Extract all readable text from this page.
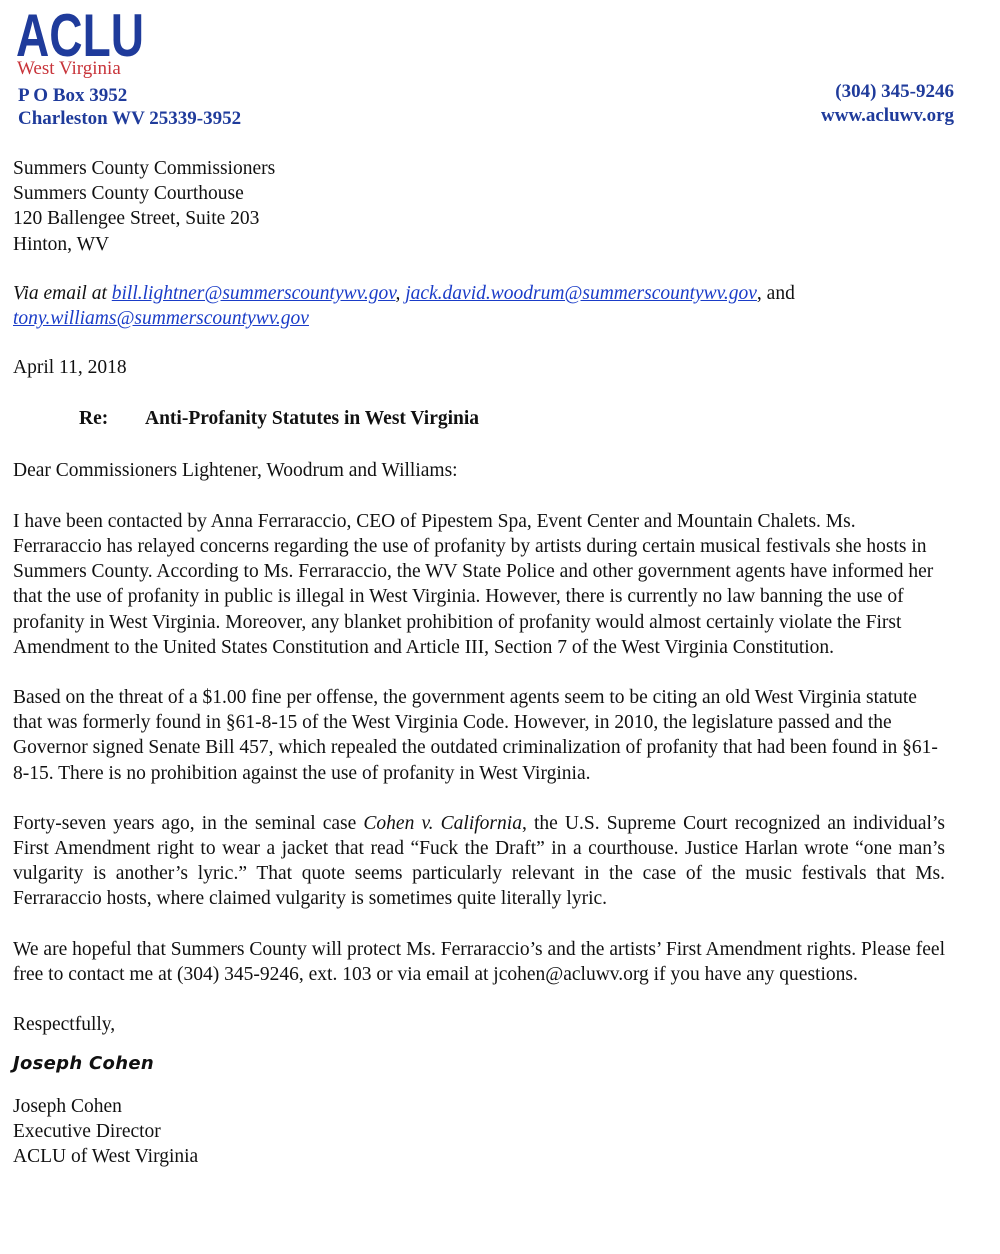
ACLU
West Virginia
P O Box 3952
Charleston WV 25339-3952
(304) 345-9246
www.acluwv.org

Summers County Commissioners
Summers County Courthouse
120 Ballengee Street, Suite 203
Hinton, WV

Via email at bill.lightner@summerscountywv.gov, jack.david.woodrum@summerscountywv.gov, and
tony.williams@summerscountywv.gov

April 11, 2018

Re: Anti-Profanity Statutes in West Virginia

Dear Commissioners Lightener, Woodrum and Williams:

I have been contacted by Anna Ferraraccio, CEO of Pipestem Spa, Event Center and Mountain Chalets. Ms. Ferraraccio has relayed concerns regarding the use of profanity by artists during certain musical festivals she hosts in Summers County. According to Ms. Ferraraccio, the WV State Police and other government agents have informed her that the use of profanity in public is illegal in West Virginia. However, there is currently no law banning the use of profanity in West Virginia. Moreover, any blanket prohibition of profanity would almost certainly violate the First Amendment to the United States Constitution and Article III, Section 7 of the West Virginia Constitution.

Based on the threat of a $1.00 fine per offense, the government agents seem to be citing an old West Virginia statute that was formerly found in §61-8-15 of the West Virginia Code. However, in 2010, the legislature passed and the Governor signed Senate Bill 457, which repealed the outdated criminalization of profanity that had been found in §61-8-15. There is no prohibition against the use of profanity in West Virginia.

Forty-seven years ago, in the seminal case Cohen v. California, the U.S. Supreme Court recognized an individual’s First Amendment right to wear a jacket that read “Fuck the Draft” in a courthouse. Justice Harlan wrote “one man’s vulgarity is another’s lyric.” That quote seems particularly relevant in the case of the music festivals that Ms. Ferraraccio hosts, where claimed vulgarity is sometimes quite literally lyric.

We are hopeful that Summers County will protect Ms. Ferraraccio’s and the artists’ First Amendment rights. Please feel free to contact me at (304) 345-9246, ext. 103 or via email at jcohen@acluwv.org if you have any questions.

Respectfully,

Joseph Cohen

Joseph Cohen
Executive Director
ACLU of West Virginia
